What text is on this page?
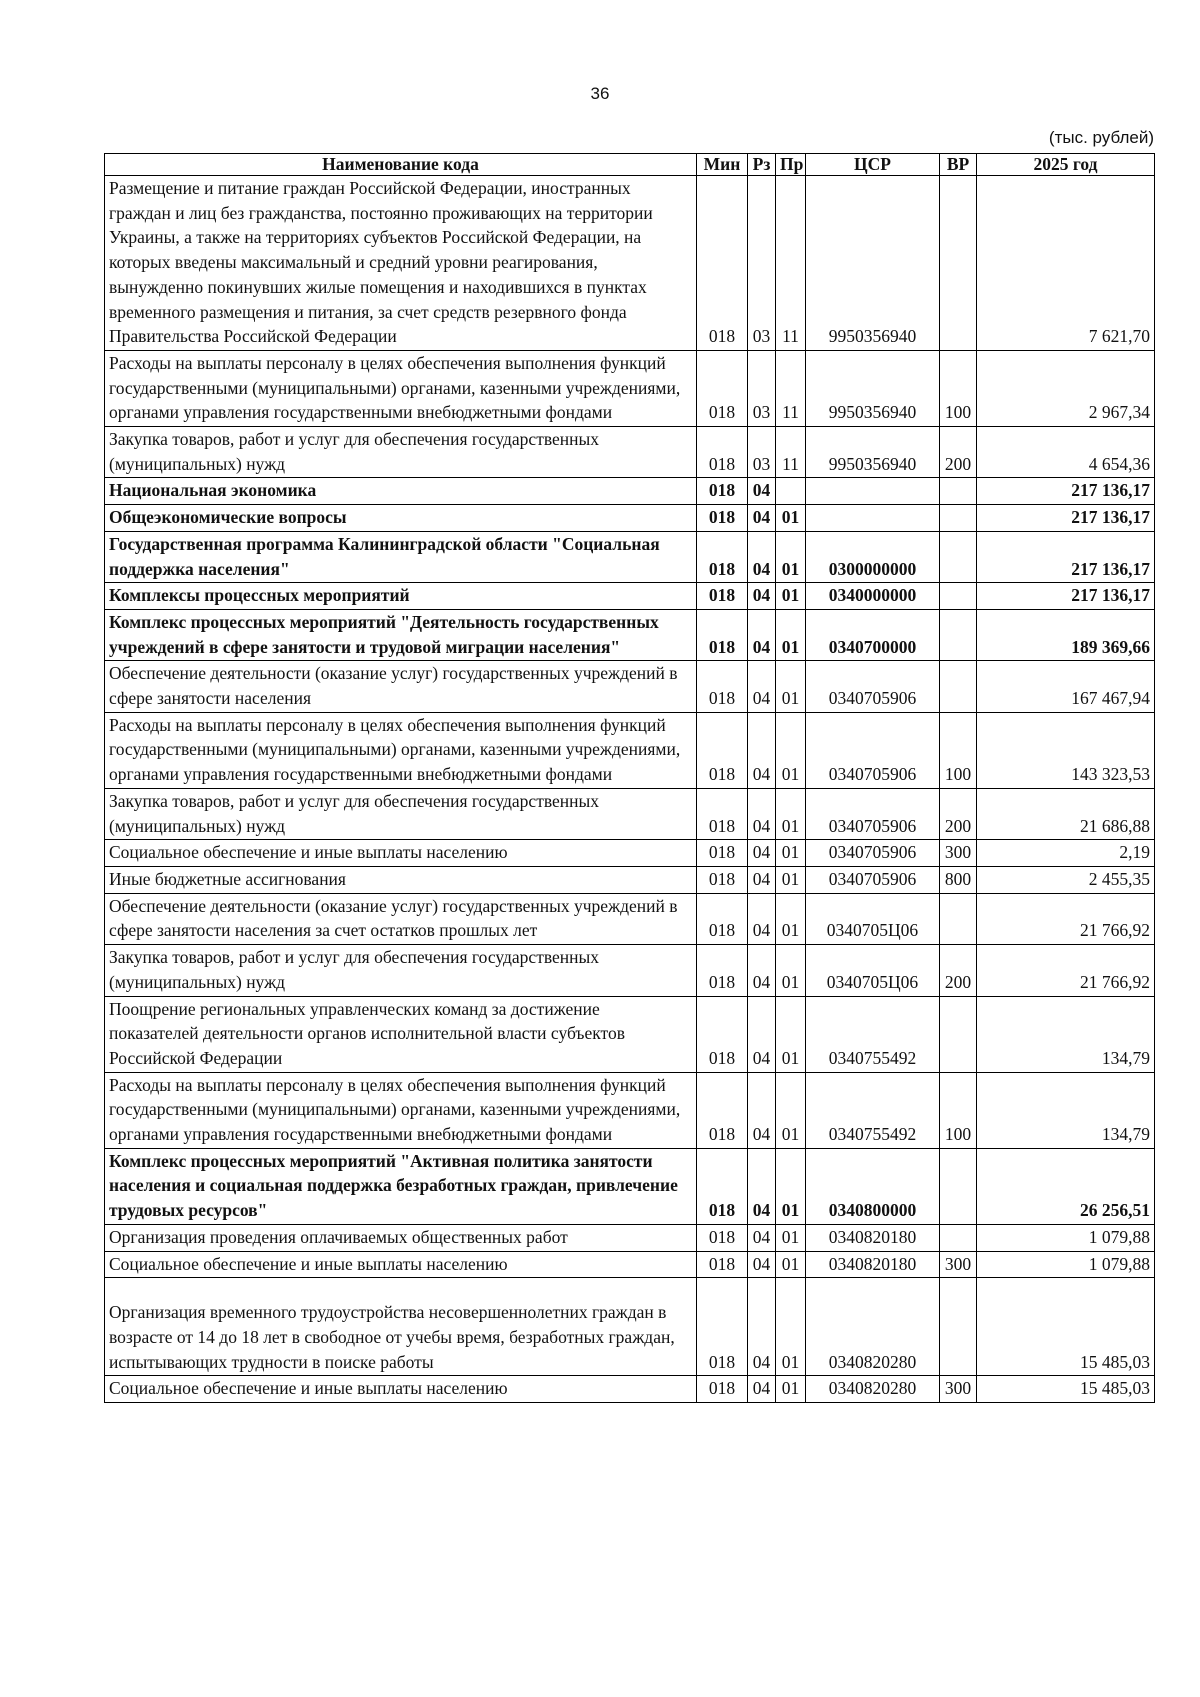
36
(тыс. рублей)
Наименование кода	Мин	Рз	Пр	ЦСР	ВР	2025 год
Размещение и питание граждан Российской Федерации, иностранных граждан и лиц без гражданства, постоянно проживающих на территории Украины, а также на территориях субъектов Российской Федерации, на которых введены максимальный и средний уровни реагирования, вынужденно покинувших жилые помещения и находившихся в пунктах временного размещения и питания, за счет средств резервного фонда Правительства Российской Федерации	018	03	11	9950356940		7 621,70
Расходы на выплаты персоналу в целях обеспечения выполнения функций государственными (муниципальными) органами, казенными учреждениями, органами управления государственными внебюджетными фондами	018	03	11	9950356940	100	2 967,34
Закупка товаров, работ и услуг для обеспечения государственных (муниципальных) нужд	018	03	11	9950356940	200	4 654,36
Национальная экономика	018	04				217 136,17
Общеэкономические вопросы	018	04	01			217 136,17
Государственная программа Калининградской области "Социальная поддержка населения"	018	04	01	0300000000		217 136,17
Комплексы процессных мероприятий	018	04	01	0340000000		217 136,17
Комплекс процессных мероприятий "Деятельность государственных учреждений в сфере занятости и трудовой миграции населения"	018	04	01	0340700000		189 369,66
Обеспечение деятельности (оказание услуг) государственных учреждений в сфере занятости населения	018	04	01	0340705906		167 467,94
Расходы на выплаты персоналу в целях обеспечения выполнения функций государственными (муниципальными) органами, казенными учреждениями, органами управления государственными внебюджетными фондами	018	04	01	0340705906	100	143 323,53
Закупка товаров, работ и услуг для обеспечения государственных (муниципальных) нужд	018	04	01	0340705906	200	21 686,88
Социальное обеспечение и иные выплаты населению	018	04	01	0340705906	300	2,19
Иные бюджетные ассигнования	018	04	01	0340705906	800	2 455,35
Обеспечение деятельности (оказание услуг) государственных учреждений в сфере занятости населения за счет остатков прошлых лет	018	04	01	0340705Ц06		21 766,92
Закупка товаров, работ и услуг для обеспечения государственных (муниципальных) нужд	018	04	01	0340705Ц06	200	21 766,92
Поощрение региональных управленческих команд за достижение показателей деятельности органов исполнительной власти субъектов Российской Федерации	018	04	01	0340755492		134,79
Расходы на выплаты персоналу в целях обеспечения выполнения функций государственными (муниципальными) органами, казенными учреждениями, органами управления государственными внебюджетными фондами	018	04	01	0340755492	100	134,79
Комплекс процессных мероприятий "Активная политика занятости населения и социальная поддержка безработных граждан, привлечение трудовых ресурсов"	018	04	01	0340800000		26 256,51
Организация проведения оплачиваемых общественных работ	018	04	01	0340820180		1 079,88
Социальное обеспечение и иные выплаты населению	018	04	01	0340820180	300	1 079,88
Организация временного трудоустройства несовершеннолетних граждан в возрасте от 14 до 18 лет в свободное от учебы время, безработных граждан, испытывающих трудности в поиске работы	018	04	01	0340820280		15 485,03
Социальное обеспечение и иные выплаты населению	018	04	01	0340820280	300	15 485,03
